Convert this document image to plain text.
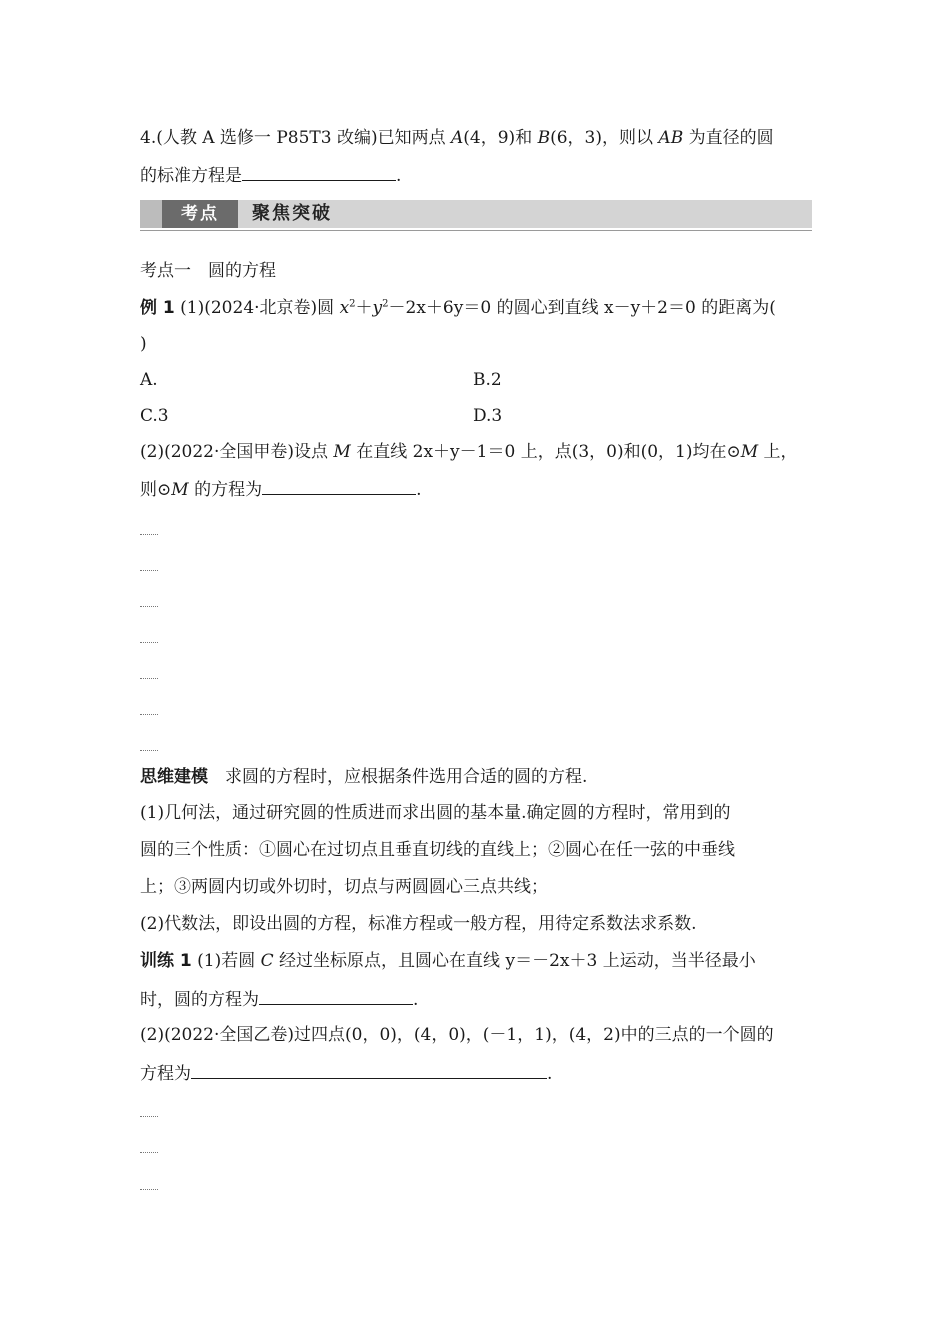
4.(人教 A 选修一 P85T3 改编)已知两点 A(4，9)和 B(6，3)，则以 AB 为直径的圆
的标准方程是	.
考点	聚焦突破
考点一　圆的方程
例 1 (1)(2024·北京卷)圆 $x^2+y^2-2x+6y=0$ 的圆心到直线 x－y＋2＝0 的距离为(
)
A.	B.2
C.3	D.3
(2)(2022·全国甲卷)设点 M 在直线 2x＋y－1＝0 上，点(3，0)和(0，1)均在⊙M 上，
则⊙M 的方程为	.
思维建模　求圆的方程时，应根据条件选用合适的圆的方程.
(1)几何法，通过研究圆的性质进而求出圆的基本量.确定圆的方程时，常用到的
圆的三个性质：①圆心在过切点且垂直切线的直线上；②圆心在任一弦的中垂线
上；③两圆内切或外切时，切点与两圆圆心三点共线；
(2)代数法，即设出圆的方程，标准方程或一般方程，用待定系数法求系数.
训练 1 (1)若圆 C 经过坐标原点，且圆心在直线 y＝－2x＋3 上运动，当半径最小
时，圆的方程为	.
(2)(2022·全国乙卷)过四点(0，0)，(4，0)，(－1，1)，(4，2)中的三点的一个圆的
方程为	.
